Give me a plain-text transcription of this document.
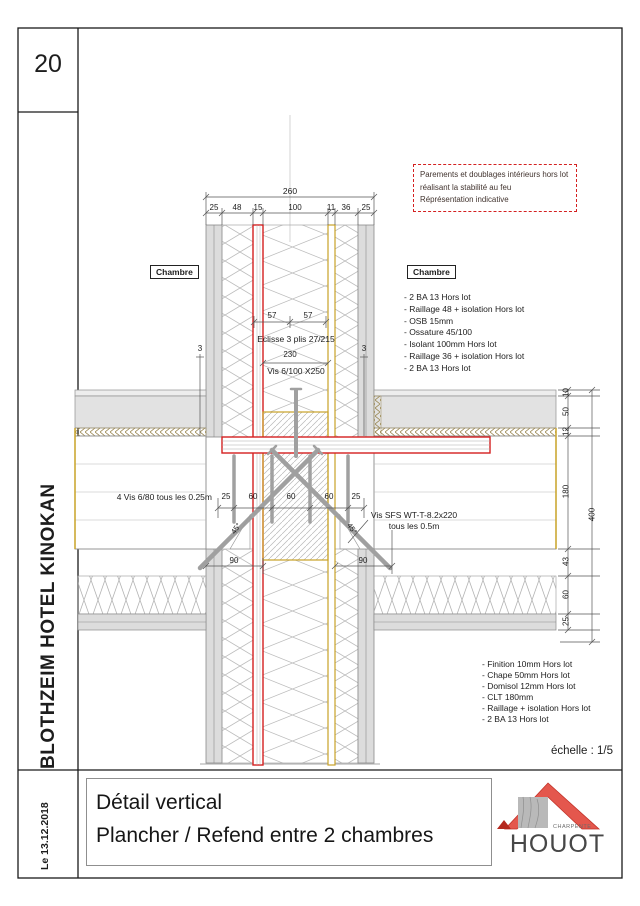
20
BLOTHZEIM HOTEL KINOKAN
Le 13.12.2018
Parements et doublages intérieurs hors lot
réalisant la stabilité au feu
Réprésentation indicative
Chambre	Chambre
- 2 BA 13 Hors lot
- Raillage 48 + isolation Hors lot
- OSB 15mm
- Ossature 45/100
- Isolant 100mm Hors lot
- Raillage 36 + isolation Hors lot
- 2 BA 13 Hors lot
- Finition 10mm Hors lot
- Chape 50mm Hors lot
- Domisol 12mm Hors lot
- CLT 180mm
- Raillage + isolation Hors lot
- 2 BA 13 Hors lot
260
25	48	15	100	11 36	25
57	57
Eclisse 3 plis 27/215
230
Vis 6/100 X250
3	3
4 Vis 6/80 tous les 0.25m	25	60	60	60	25
Vis SFS WT-T-8.2x220
tous les 0.5m
90	90
45°	45°
10
50
12
180
43
60
25
400
échelle : 1/5
Détail vertical
Plancher / Refend entre 2 chambres	CHARPENTE
HOUOT
